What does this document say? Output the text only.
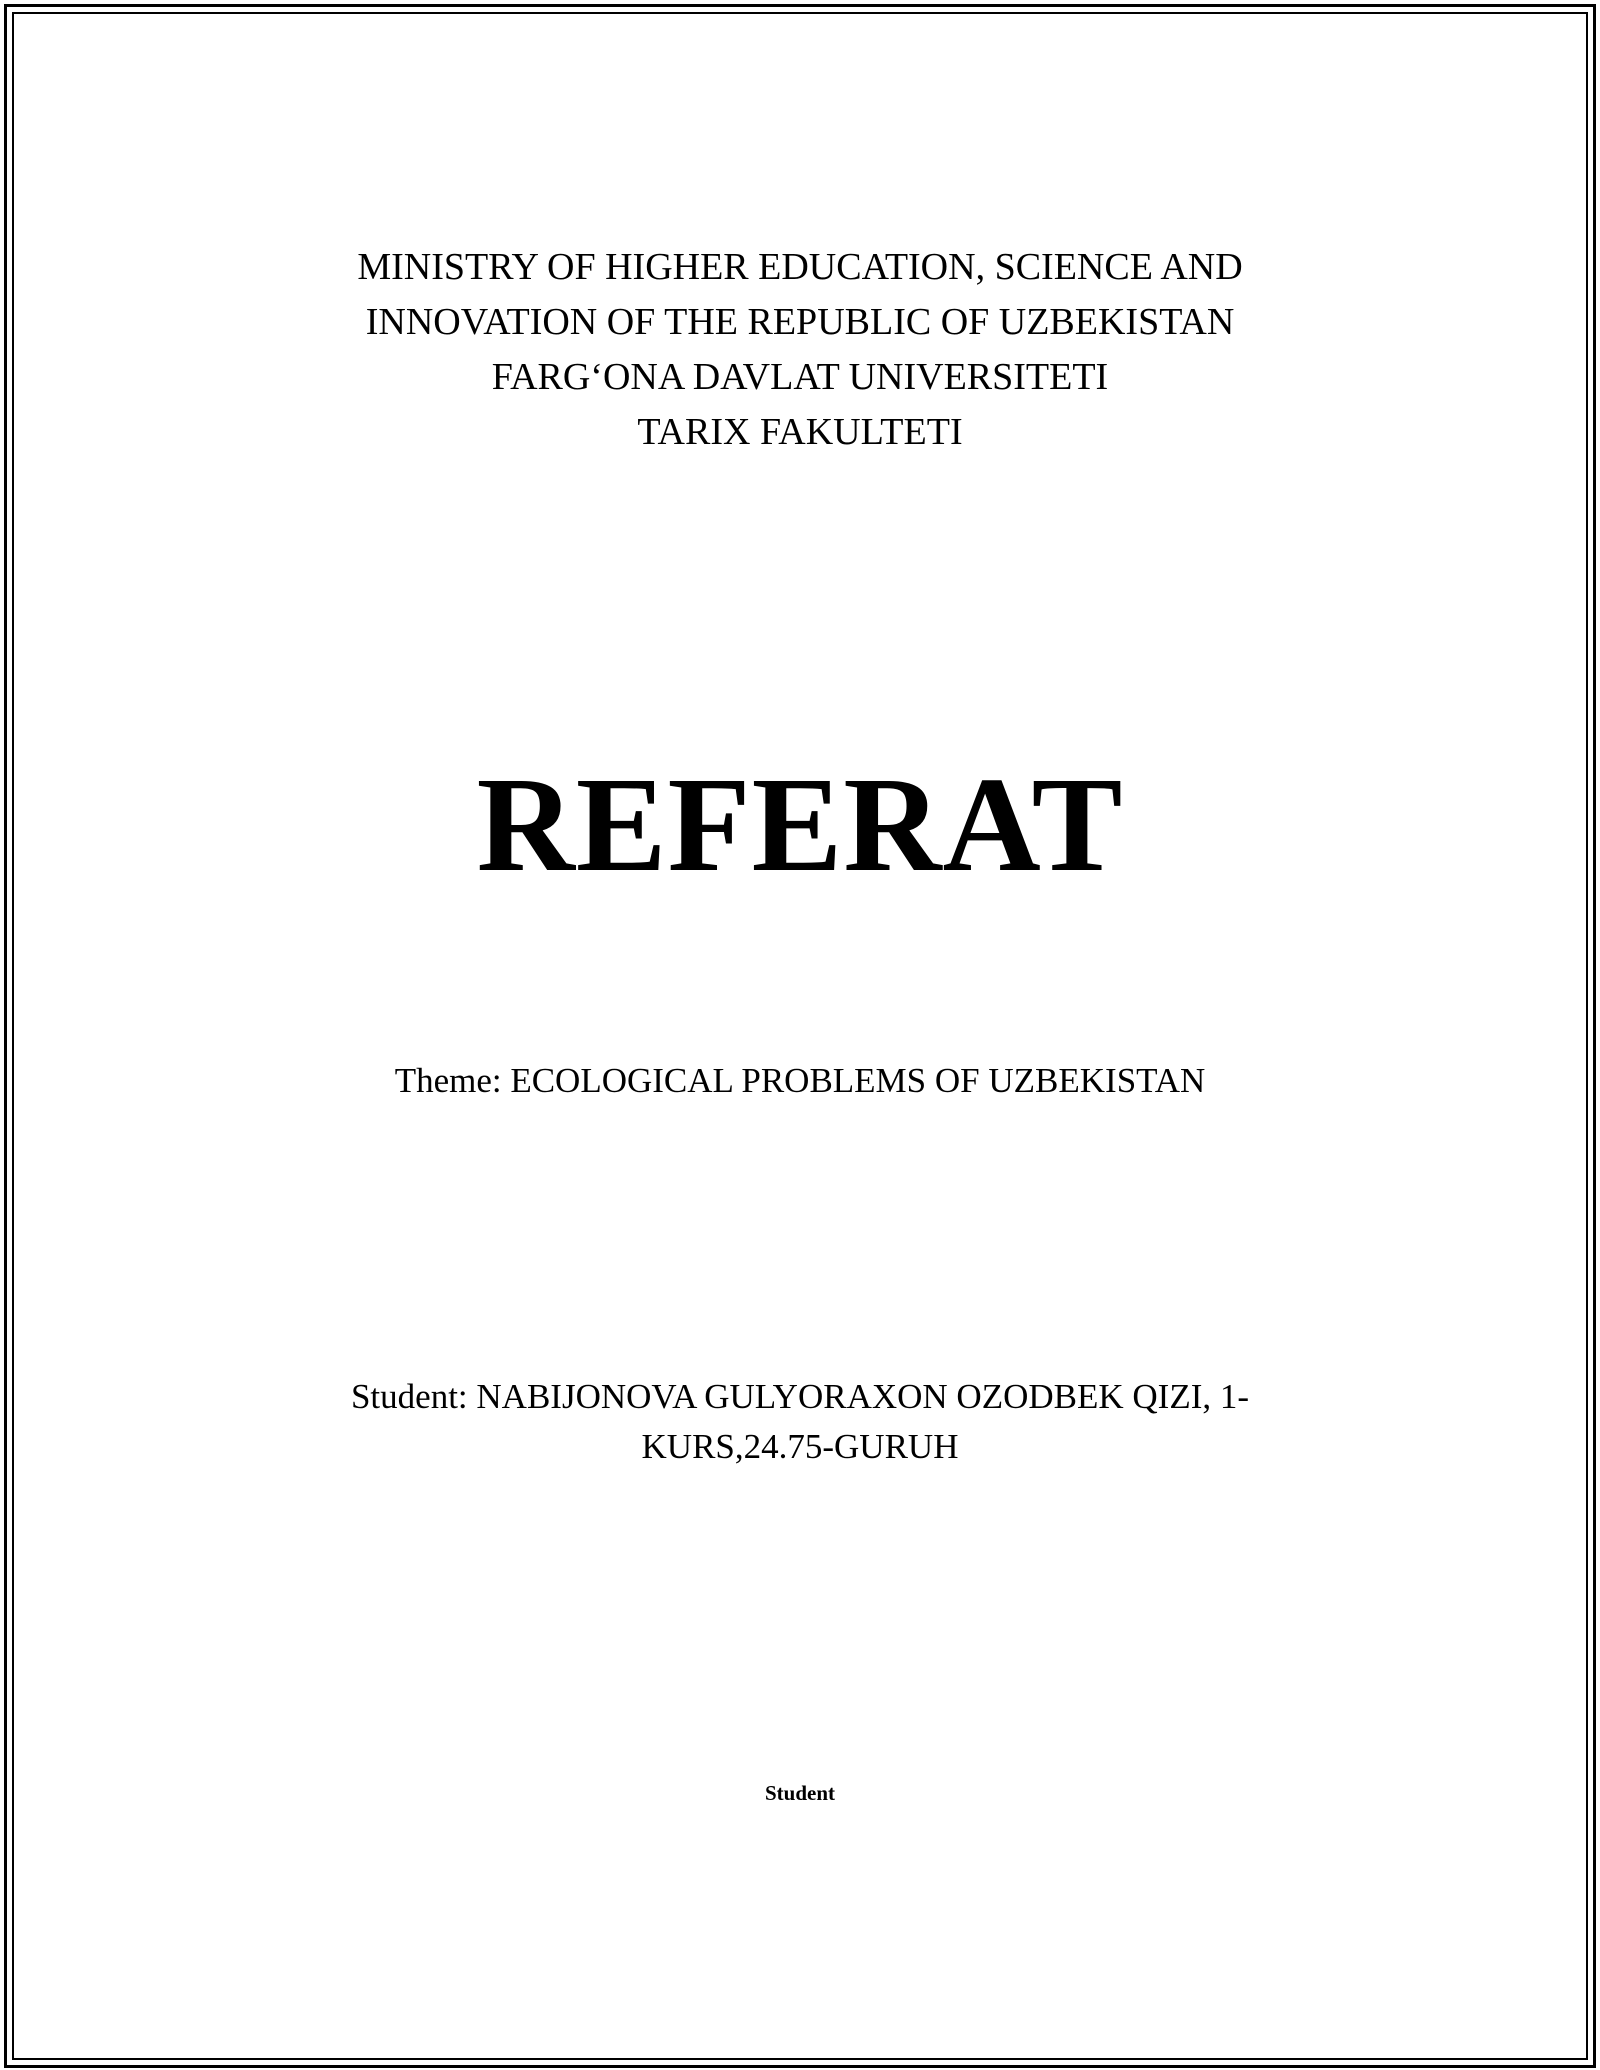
MINISTRY OF HIGHER EDUCATION, SCIENCE AND
INNOVATION OF THE REPUBLIC OF UZBEKISTAN
FARG‘ONA DAVLAT UNIVERSITETI
TARIX FAKULTETI
REFERAT
Theme: ECOLOGICAL PROBLEMS OF UZBEKISTAN
Student: NABIJONOVA GULYORAXON OZODBEK QIZI, 1-
KURS,24.75-GURUH
Student
